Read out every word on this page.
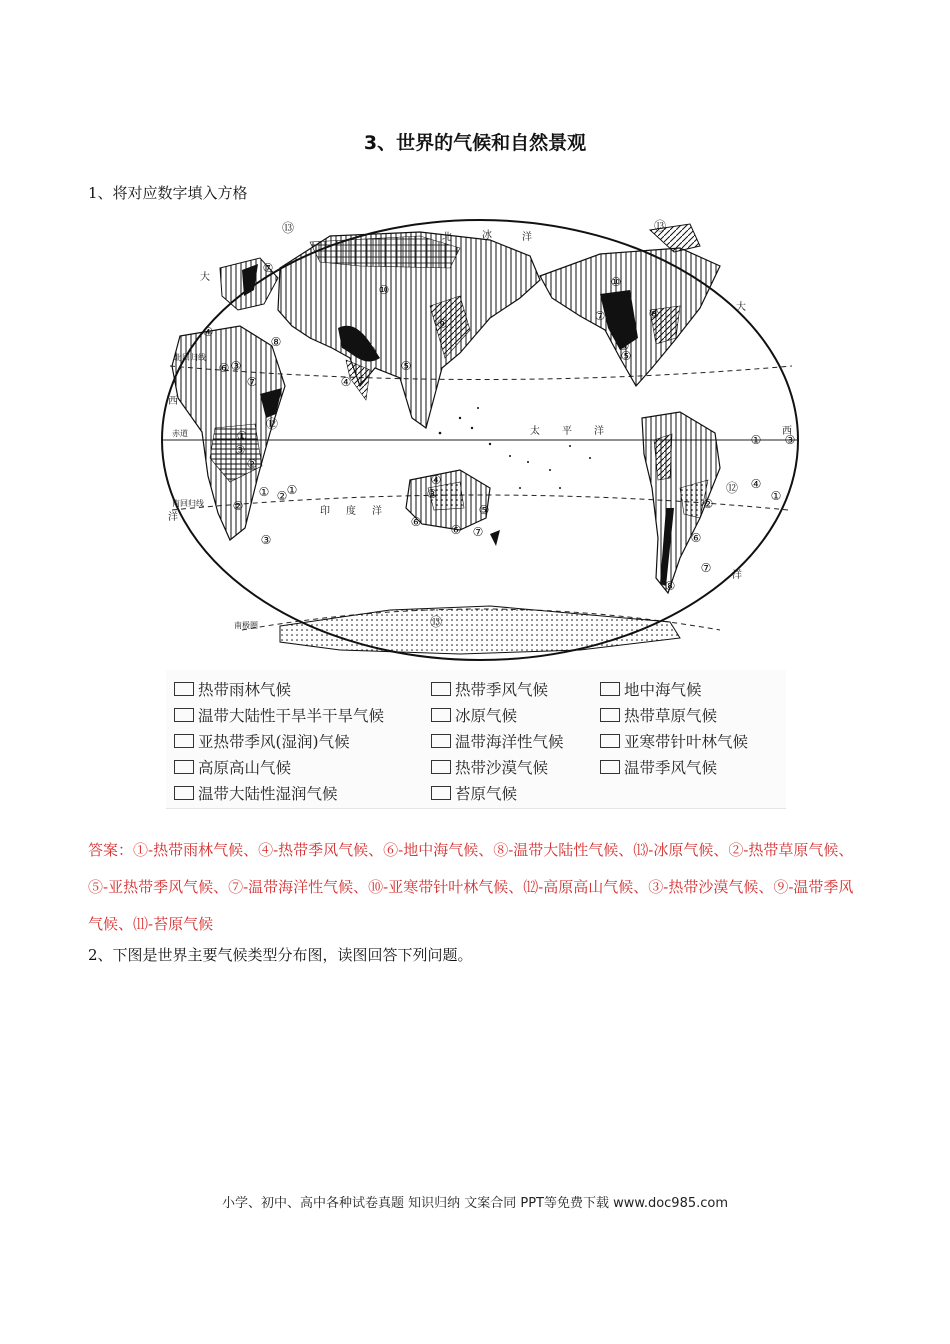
3、世界的气候和自然景观
1、将对应数字填入方格
北	冰	洋
太 平 洋
印 度 洋
西
西
大
大
洋
洋
北回归线
赤道
南回归线
南极圈
⑬
⑦
⑩
⑦
⑩
⑬
⑧
⑫
⑨
④
⑤
③
④
⑥
⑦
⑧
⑤
⑥
③
①
⑫
②
① ② ①
②
③
⑥
④
③
⑤
⑥ ⑦
⑫
①
④
②
① ③
⑥
⑦
⑧
⑬
热带雨林气候	热带季风气候	地中海气候
温带大陆性干旱半干旱气候	冰原气候	热带草原气候
亚热带季风(湿润)气候	温带海洋性气候	亚寒带针叶林气候
高原高山气候	热带沙漠气候	温带季风气候
温带大陆性湿润气候	苔原气候
答案：①-热带雨林气候、④-热带季风气候、⑥-地中海气候、⑧-温带大陆性气候、⒀-冰原气候、②-热带草原气候、⑤-亚热带季风气候、⑦-温带海洋性气候、⑩-亚寒带针叶林气候、⑿-高原高山气候、③-热带沙漠气候、⑨-温带季风气候、⑾-苔原气候
2、下图是世界主要气候类型分布图，读图回答下列问题。
小学、初中、高中各种试卷真题 知识归纳 文案合同 PPT等免费下载 www.doc985.com
